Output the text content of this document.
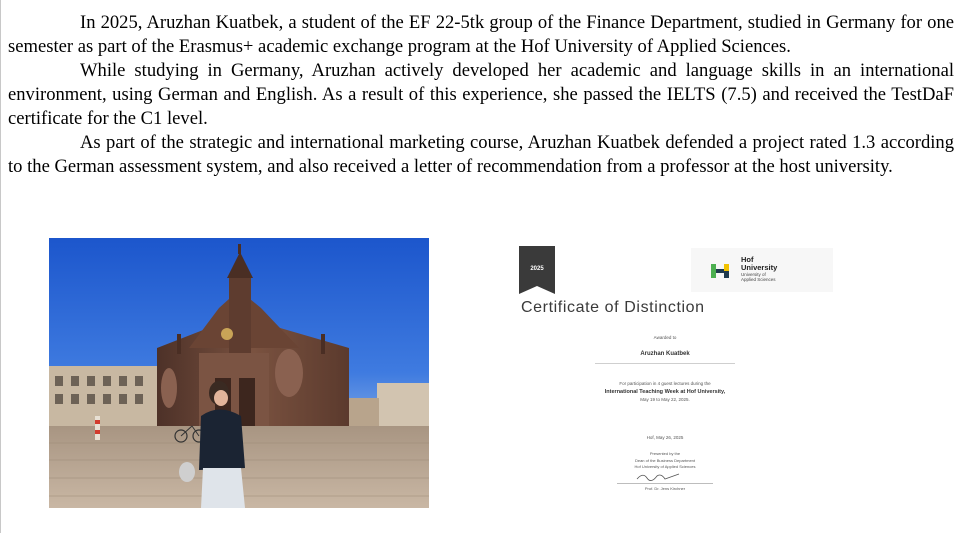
In 2025, Aruzhan Kuatbek, a student of the EF 22-5tk group of the Finance Department, studied in Germany for one semester as part of the Erasmus+ academic exchange program at the Hof University of Applied Sciences.

While studying in Germany, Aruzhan actively developed her academic and language skills in an international environment, using German and English. As a result of this experience, she passed the IELTS (7.5) and received the TestDaF certificate for the C1 level.

As part of the strategic and international marketing course, Aruzhan Kuatbek defended a project rated 1.3 according to the German assessment system, and also received a letter of recommendation from a professor at the host university.

2025
Hof
University
University of
Applied Sciences
Certificate of Distinction
Awarded to
Aruzhan Kuatbek
For participation in 4 guest lectures during the
International Teaching Week at Hof University,
May 19 to May 22, 2025.
Hof, May 26, 2025
Presented by the
Dean of the Business Department
Hof University of Applied Sciences
Prof. Dr. Jens Kirchner
